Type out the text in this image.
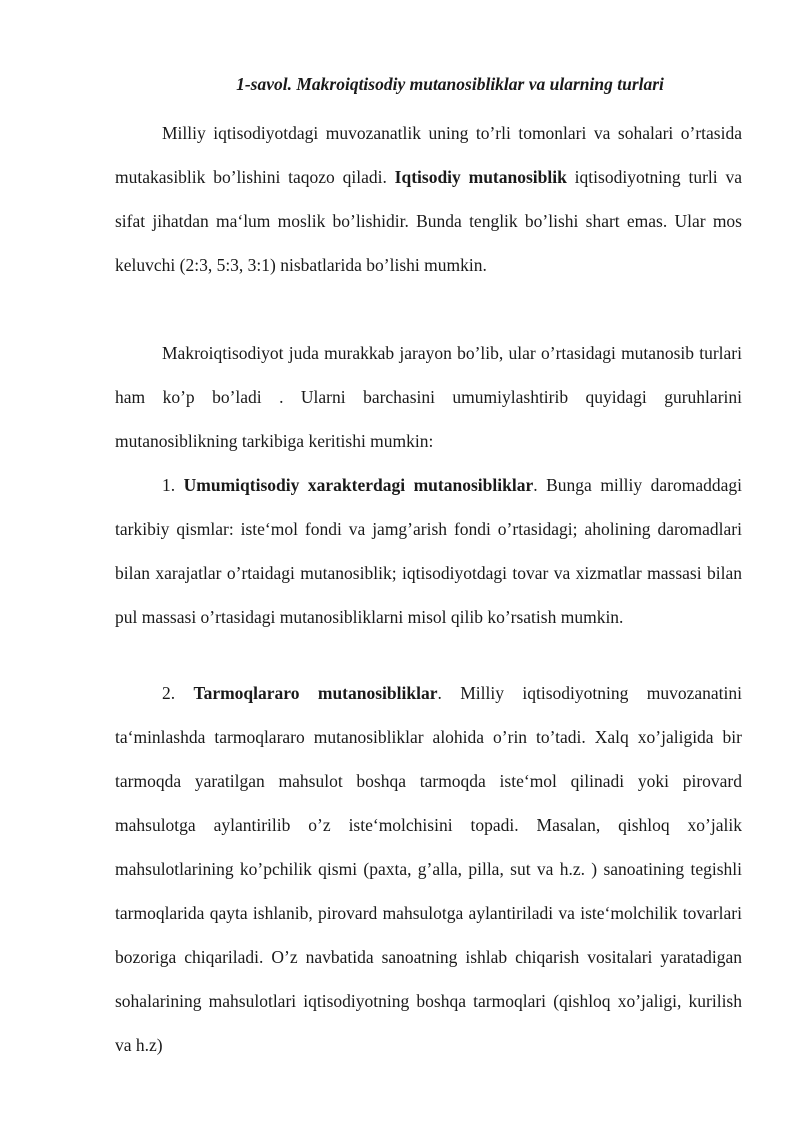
1-savol. Makroiqtisodiy mutanosibliklar va ularning turlari
Milliy iqtisodiyotdagi muvozanatlik uning to’rli tomonlari va sohalari o’rtasida mutakasiblik bo’lishini taqozo qiladi. Iqtisodiy mutanosiblik iqtisodiyotning turli va sifat jihatdan ma‘lum moslik bo’lishidir. Bunda tenglik bo’lishi shart emas. Ular mos keluvchi (2:3, 5:3, 3:1) nisbatlarida bo’lishi mumkin.
Makroiqtisodiyot juda murakkab jarayon bo’lib, ular o’rtasidagi mutanosib turlari ham ko’p bo’ladi . Ularni barchasini umumiylashtirib quyidagi guruhlarini mutanosiblikning tarkibiga keritishi mumkin:
1. Umumiqtisodiy xarakterdagi mutanosibliklar. Bunga milliy daromaddagi tarkibiy qismlar: iste‘mol fondi va jamg’arish fondi o’rtasidagi; aholining daromadlari bilan xarajatlar o’rtaidagi mutanosiblik; iqtisodiyotdagi tovar va xizmatlar massasi bilan pul massasi o’rtasidagi mutanosibliklarni misol qilib ko’rsatish mumkin.
2. Tarmoqlararo mutanosibliklar. Milliy iqtisodiyotning muvozanatini ta‘minlashda tarmoqlararo mutanosibliklar alohida o’rin to’tadi. Xalq xo’jaligida bir tarmoqda yaratilgan mahsulot boshqa tarmoqda iste‘mol qilinadi yoki pirovard mahsulotga aylantirilib o’z iste‘molchisini topadi. Masalan, qishloq xo’jalik mahsulotlarining ko’pchilik qismi (paxta, g’alla, pilla, sut va h.z. ) sanoatining tegishli tarmoqlarida qayta ishlanib, pirovard mahsulotga aylantiriladi va iste‘molchilik tovarlari bozoriga chiqariladi. O’z navbatida sanoatning ishlab chiqarish vositalari yaratadigan sohalarining mahsulotlari iqtisodiyotning boshqa tarmoqlari (qishloq xo’jaligi, kurilish va h.z)
